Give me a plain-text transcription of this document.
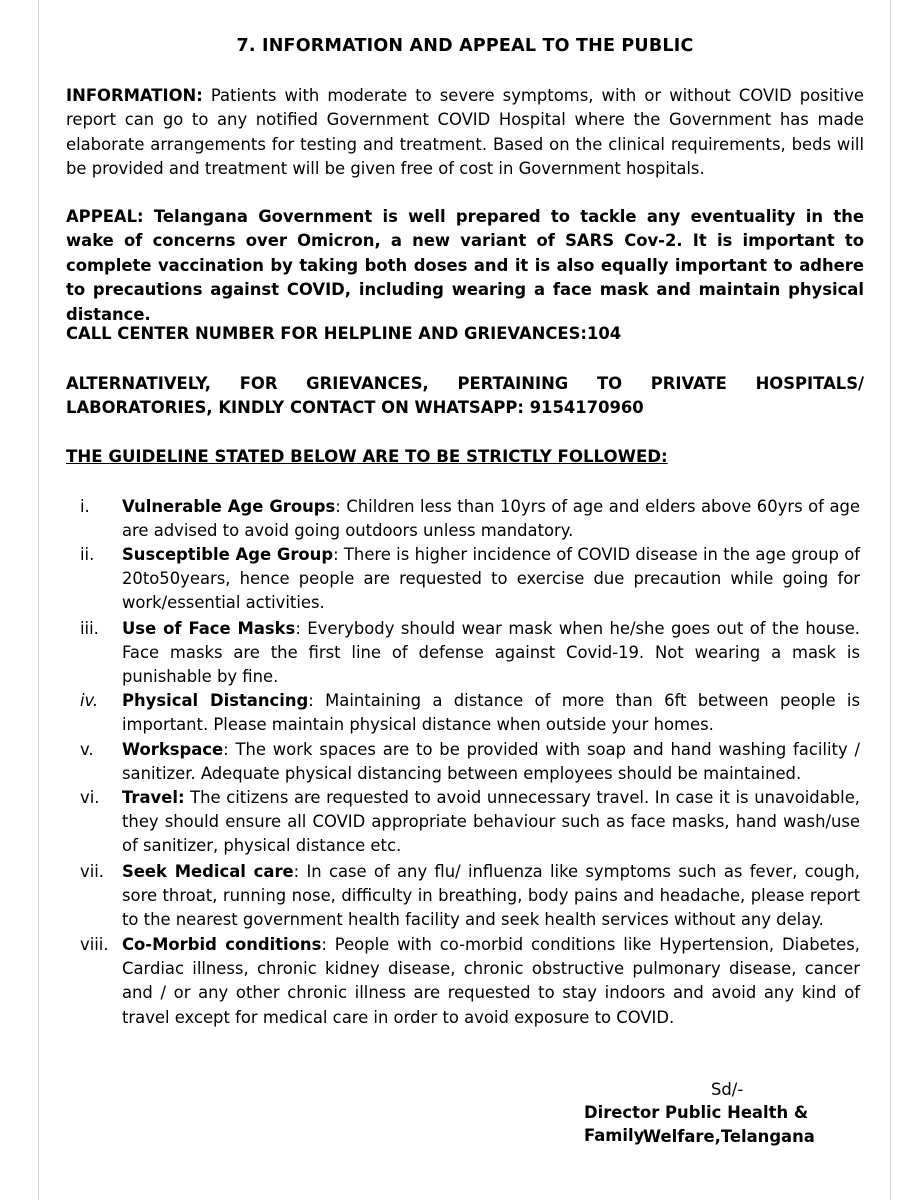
7. INFORMATION AND APPEAL TO THE PUBLIC
INFORMATION: Patients with moderate to severe symptoms, with or without COVID positive report can go to any notified Government COVID Hospital where the Government has made elaborate arrangements for testing and treatment. Based on the clinical requirements, beds will be provided and treatment will be given free of cost in Government hospitals.
APPEAL: Telangana Government is well prepared to tackle any eventuality in the wake of concerns over Omicron, a new variant of SARS Cov-2. It is important to complete vaccination by taking both doses and it is also equally important to adhere to precautions against COVID, including wearing a face mask and maintain physical distance.
CALL CENTER NUMBER FOR HELPLINE AND GRIEVANCES:104
ALTERNATIVELY, FOR GRIEVANCES, PERTAINING TO PRIVATE HOSPITALS/ LABORATORIES, KINDLY CONTACT ON WHATSAPP: 9154170960
THE GUIDELINE STATED BELOW ARE TO BE STRICTLY FOLLOWED:
i.	Vulnerable Age Groups: Children less than 10yrs of age and elders above 60yrs of age are advised to avoid going outdoors unless mandatory.
ii.	Susceptible Age Group: There is higher incidence of COVID disease in the age group of 20to50years, hence people are requested to exercise due precaution while going for work/essential activities.
iii.	Use of Face Masks: Everybody should wear mask when he/she goes out of the house. Face masks are the first line of defense against Covid-19. Not wearing a mask is punishable by fine.
iv.	Physical Distancing: Maintaining a distance of more than 6ft between people is important. Please maintain physical distance when outside your homes.
v.	Workspace: The work spaces are to be provided with soap and hand washing facility / sanitizer. Adequate physical distancing between employees should be maintained.
vi.	Travel: The citizens are requested to avoid unnecessary travel. In case it is unavoidable, they should ensure all COVID appropriate behaviour such as face masks, hand wash/use of sanitizer, physical distance etc.
vii.	Seek Medical care: In case of any flu/ influenza like symptoms such as fever, cough, sore throat, running nose, difficulty in breathing, body pains and headache, please report to the nearest government health facility and seek health services without any delay.
viii. Co-Morbid conditions: People with co-morbid conditions like Hypertension, Diabetes, Cardiac illness, chronic kidney disease, chronic obstructive pulmonary disease, cancer and / or any other chronic illness are requested to stay indoors and avoid any kind of travel except for medical care in order to avoid exposure to COVID.
Sd/-
Director Public Health & Family
Welfare,Telangana
